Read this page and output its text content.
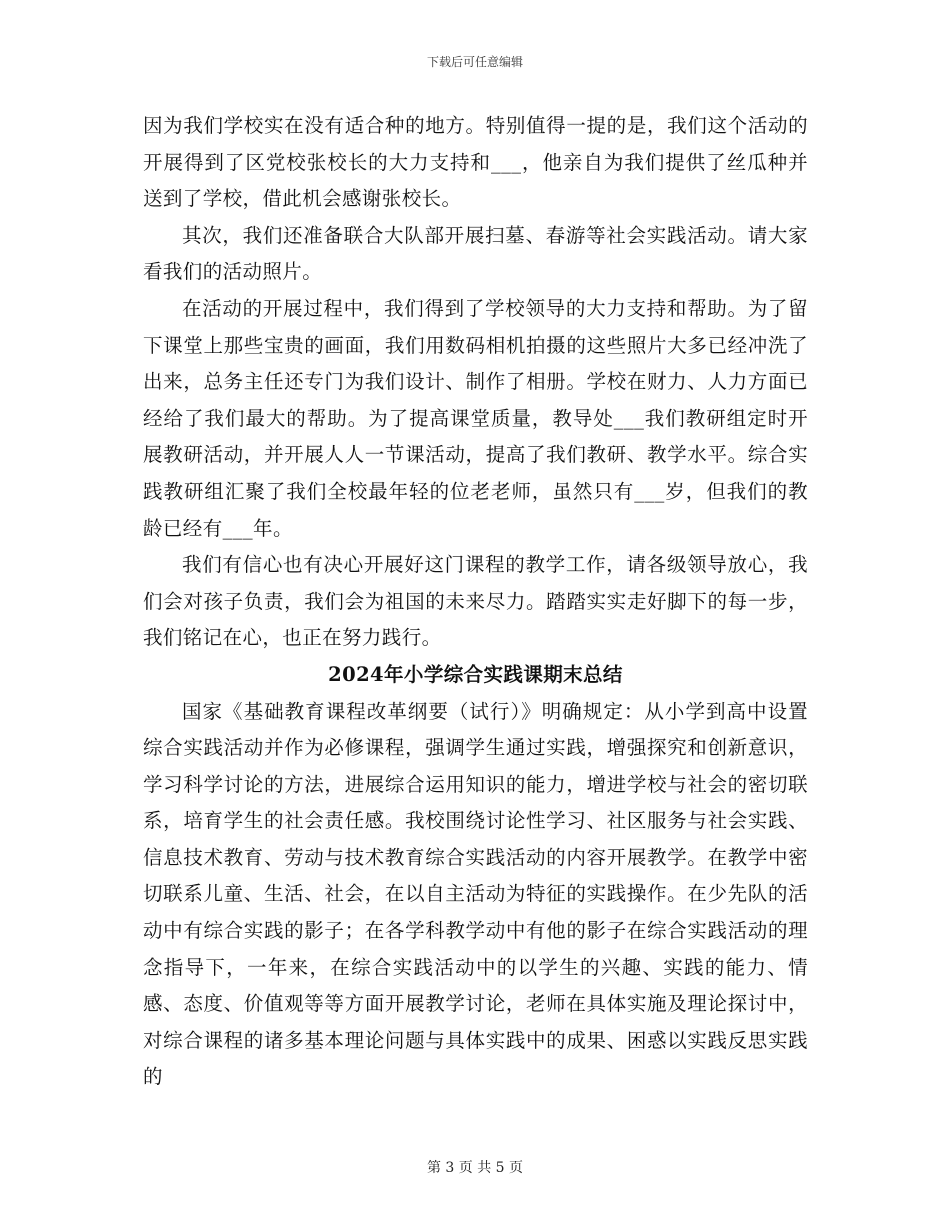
下载后可任意编辑

因为我们学校实在没有适合种的地方。特别值得一提的是，我们这个活动的开展得到了区党校张校长的大力支持和___，他亲自为我们提供了丝瓜种并送到了学校，借此机会感谢张校长。

其次，我们还准备联合大队部开展扫墓、春游等社会实践活动。请大家看我们的活动照片。

在活动的开展过程中，我们得到了学校领导的大力支持和帮助。为了留下课堂上那些宝贵的画面，我们用数码相机拍摄的这些照片大多已经冲洗了出来，总务主任还专门为我们设计、制作了相册。学校在财力、人力方面已经给了我们最大的帮助。为了提高课堂质量，教导处___我们教研组定时开展教研活动，并开展人人一节课活动，提高了我们教研、教学水平。综合实践教研组汇聚了我们全校最年轻的位老老师，虽然只有___岁，但我们的教龄已经有___年。

我们有信心也有决心开展好这门课程的教学工作，请各级领导放心，我们会对孩子负责，我们会为祖国的未来尽力。踏踏实实走好脚下的每一步，我们铭记在心，也正在努力践行。

2024年小学综合实践课期末总结

国家《基础教育课程改革纲要（试行）》明确规定：从小学到高中设置综合实践活动并作为必修课程，强调学生通过实践，增强探究和创新意识，学习科学讨论的方法，进展综合运用知识的能力，增进学校与社会的密切联系，培育学生的社会责任感。我校围绕讨论性学习、社区服务与社会实践、信息技术教育、劳动与技术教育综合实践活动的内容开展教学。在教学中密切联系儿童、生活、社会，在以自主活动为特征的实践操作。在少先队的活动中有综合实践的影子；在各学科教学动中有他的影子在综合实践活动的理念指导下，一年来，在综合实践活动中的以学生的兴趣、实践的能力、情感、态度、价值观等等方面开展教学讨论，老师在具体实施及理论探讨中，对综合课程的诸多基本理论问题与具体实践中的成果、困惑以实践反思实践的

第 3 页 共 5 页
